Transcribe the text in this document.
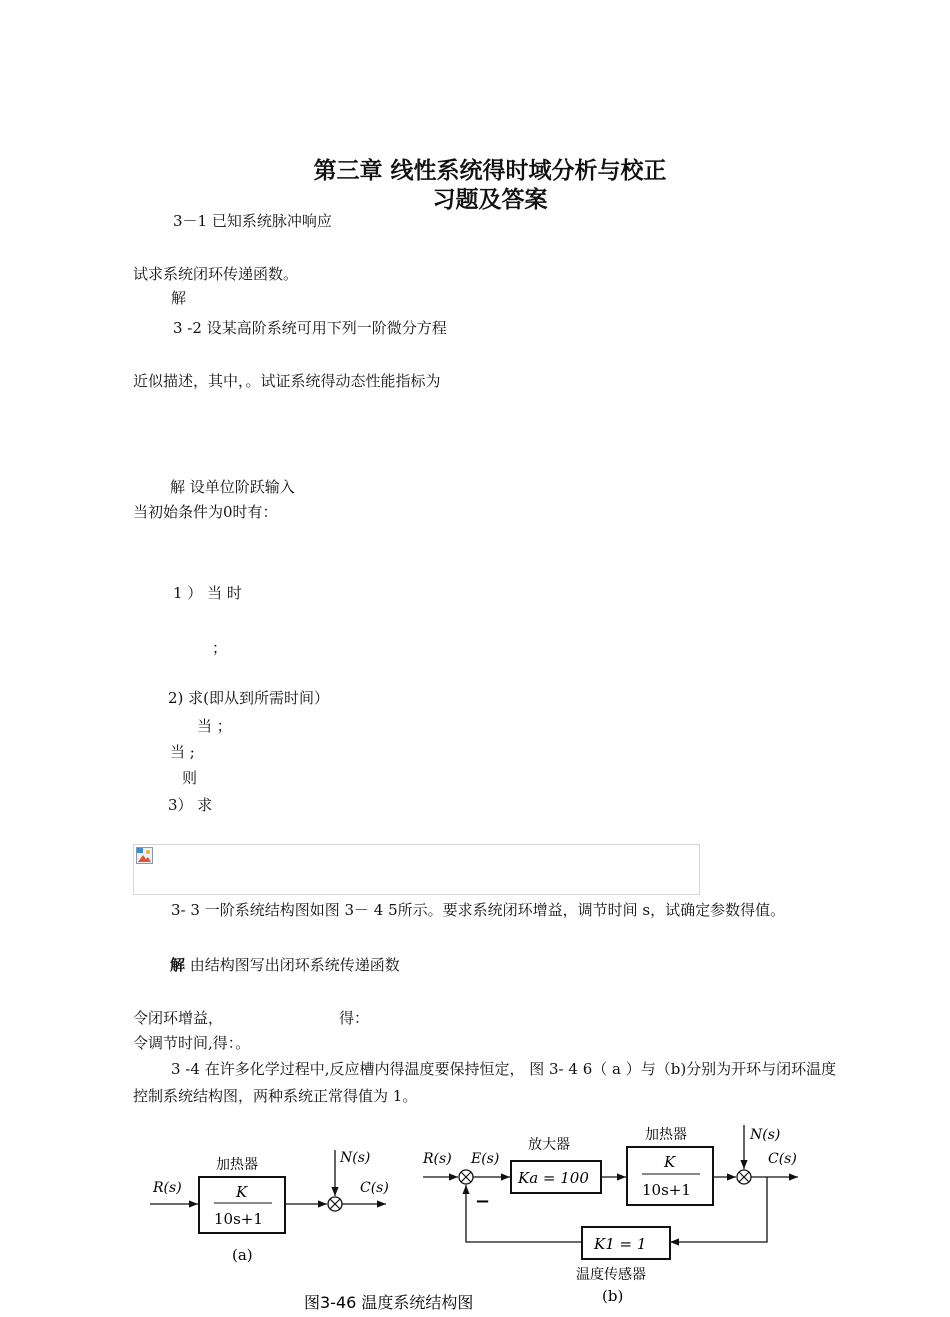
第三章 线性系统得时域分析与校正
习题及答案
3－1 已知系统脉冲响应
试求系统闭环传递函数。
解
3 -2 设某高阶系统可用下列一阶微分方程
近似描述，其中，。试证系统得动态性能指标为
解 设单位阶跃输入
当初始条件为0时有：
1 ） 当 时
；
2) 求(即从到所需时间）
当 ；
当 ;
则
3） 求
3- 3 一阶系统结构图如图 3－ 4 5所示。要求系统闭环增益，调节时间 s，试确定参数得值。
解 由结构图写出闭环系统传递函数
令闭环增益，	得：
令调节时间,得：。
3 -4 在许多化学过程中,反应槽内得温度要保持恒定， 图 3- 4 6（ a ）与（b)分别为开环与闭环温度控制系统结构图，两种系统正常得值为 1。
R(s)
加热器
K
10s+1
N(s)
C(s)
(a)
R(s) E(s)
放大器
Ka = 100
加热器
K
10s+1
N(s)
C(s)
K1 = 1
−
温度传感器
(b)
图3-46 温度系统结构图
